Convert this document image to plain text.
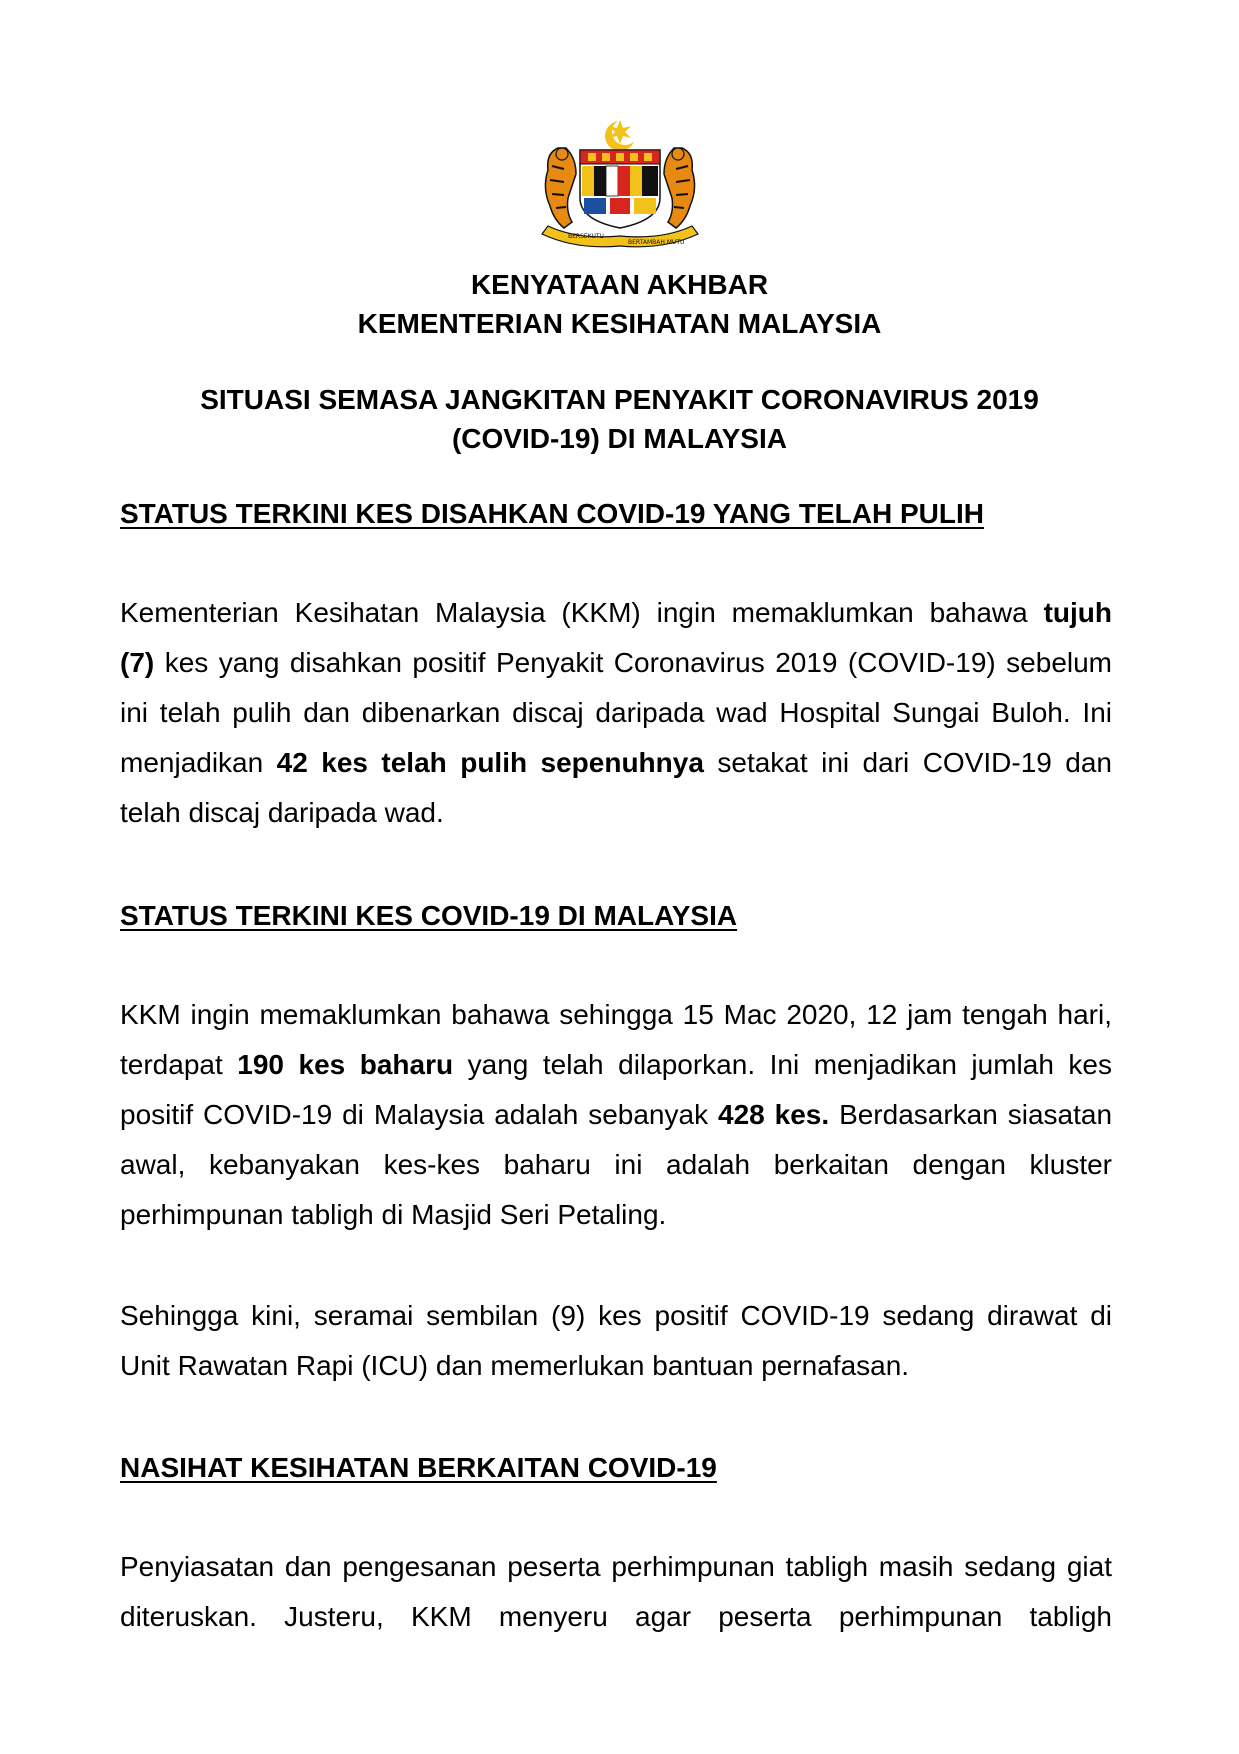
BERSEKUTU
BERTAMBAH MUTU
KENYATAAN AKHBAR
KEMENTERIAN KESIHATAN MALAYSIA
SITUASI SEMASA JANGKITAN PENYAKIT CORONAVIRUS 2019
(COVID-19) DI MALAYSIA
STATUS TERKINI KES DISAHKAN COVID-19 YANG TELAH PULIH
Kementerian Kesihatan Malaysia (KKM) ingin memaklumkan bahawa tujuh
(7) kes yang disahkan positif Penyakit Coronavirus 2019 (COVID-19) sebelum
ini telah pulih dan dibenarkan discaj daripada wad Hospital Sungai Buloh. Ini
menjadikan 42 kes telah pulih sepenuhnya setakat ini dari COVID-19 dan
telah discaj daripada wad.
STATUS TERKINI KES COVID-19 DI MALAYSIA
KKM ingin memaklumkan bahawa sehingga 15 Mac 2020, 12 jam tengah hari,
terdapat 190 kes baharu yang telah dilaporkan. Ini menjadikan jumlah kes
positif COVID-19 di Malaysia adalah sebanyak 428 kes. Berdasarkan siasatan
awal, kebanyakan kes-kes baharu ini adalah berkaitan dengan kluster
perhimpunan tabligh di Masjid Seri Petaling.
Sehingga kini, seramai sembilan (9) kes positif COVID-19 sedang dirawat di
Unit Rawatan Rapi (ICU) dan memerlukan bantuan pernafasan.
NASIHAT KESIHATAN BERKAITAN COVID-19
Penyiasatan dan pengesanan peserta perhimpunan tabligh masih sedang giat
diteruskan. Justeru, KKM menyeru agar peserta perhimpunan tabligh
